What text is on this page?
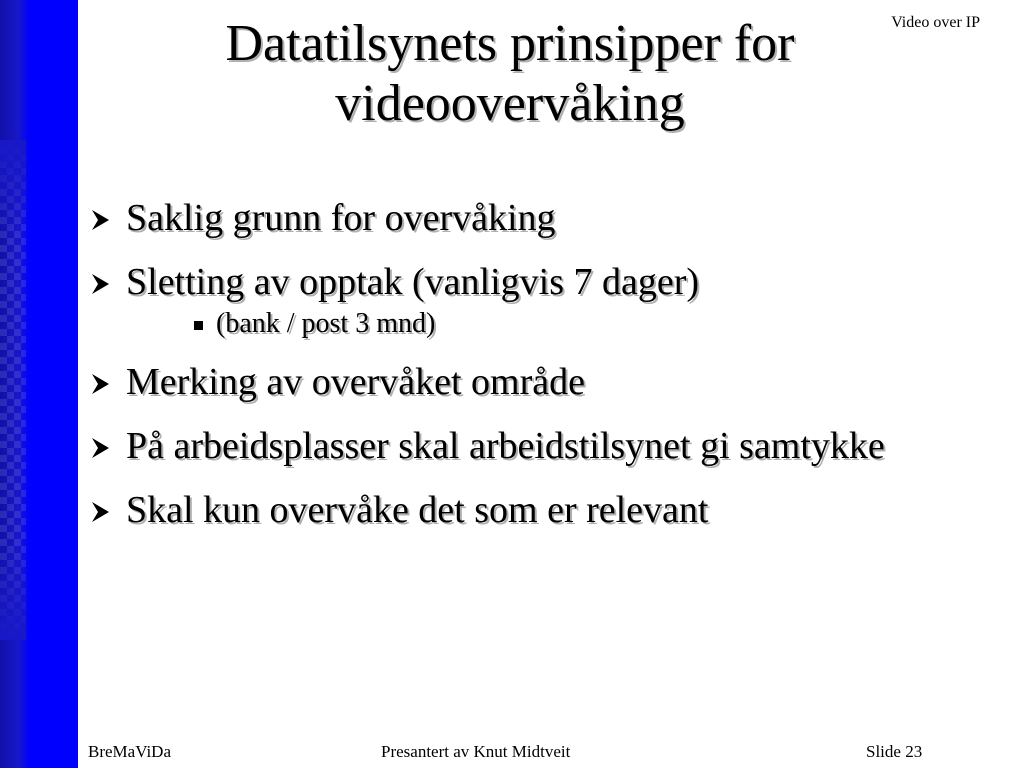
Video over IP

Datatilsynets prinsipper for videoovervåking
Saklig grunn for overvåking
Sletting av opptak (vanligvis 7 dager)
(bank / post 3 mnd)
Merking av overvåket område
På arbeidsplasser skal arbeidstilsynet gi samtykke
Skal kun overvåke det som er relevant

BreMaViDa	Presantert av Knut Midtveit	Slide 23
